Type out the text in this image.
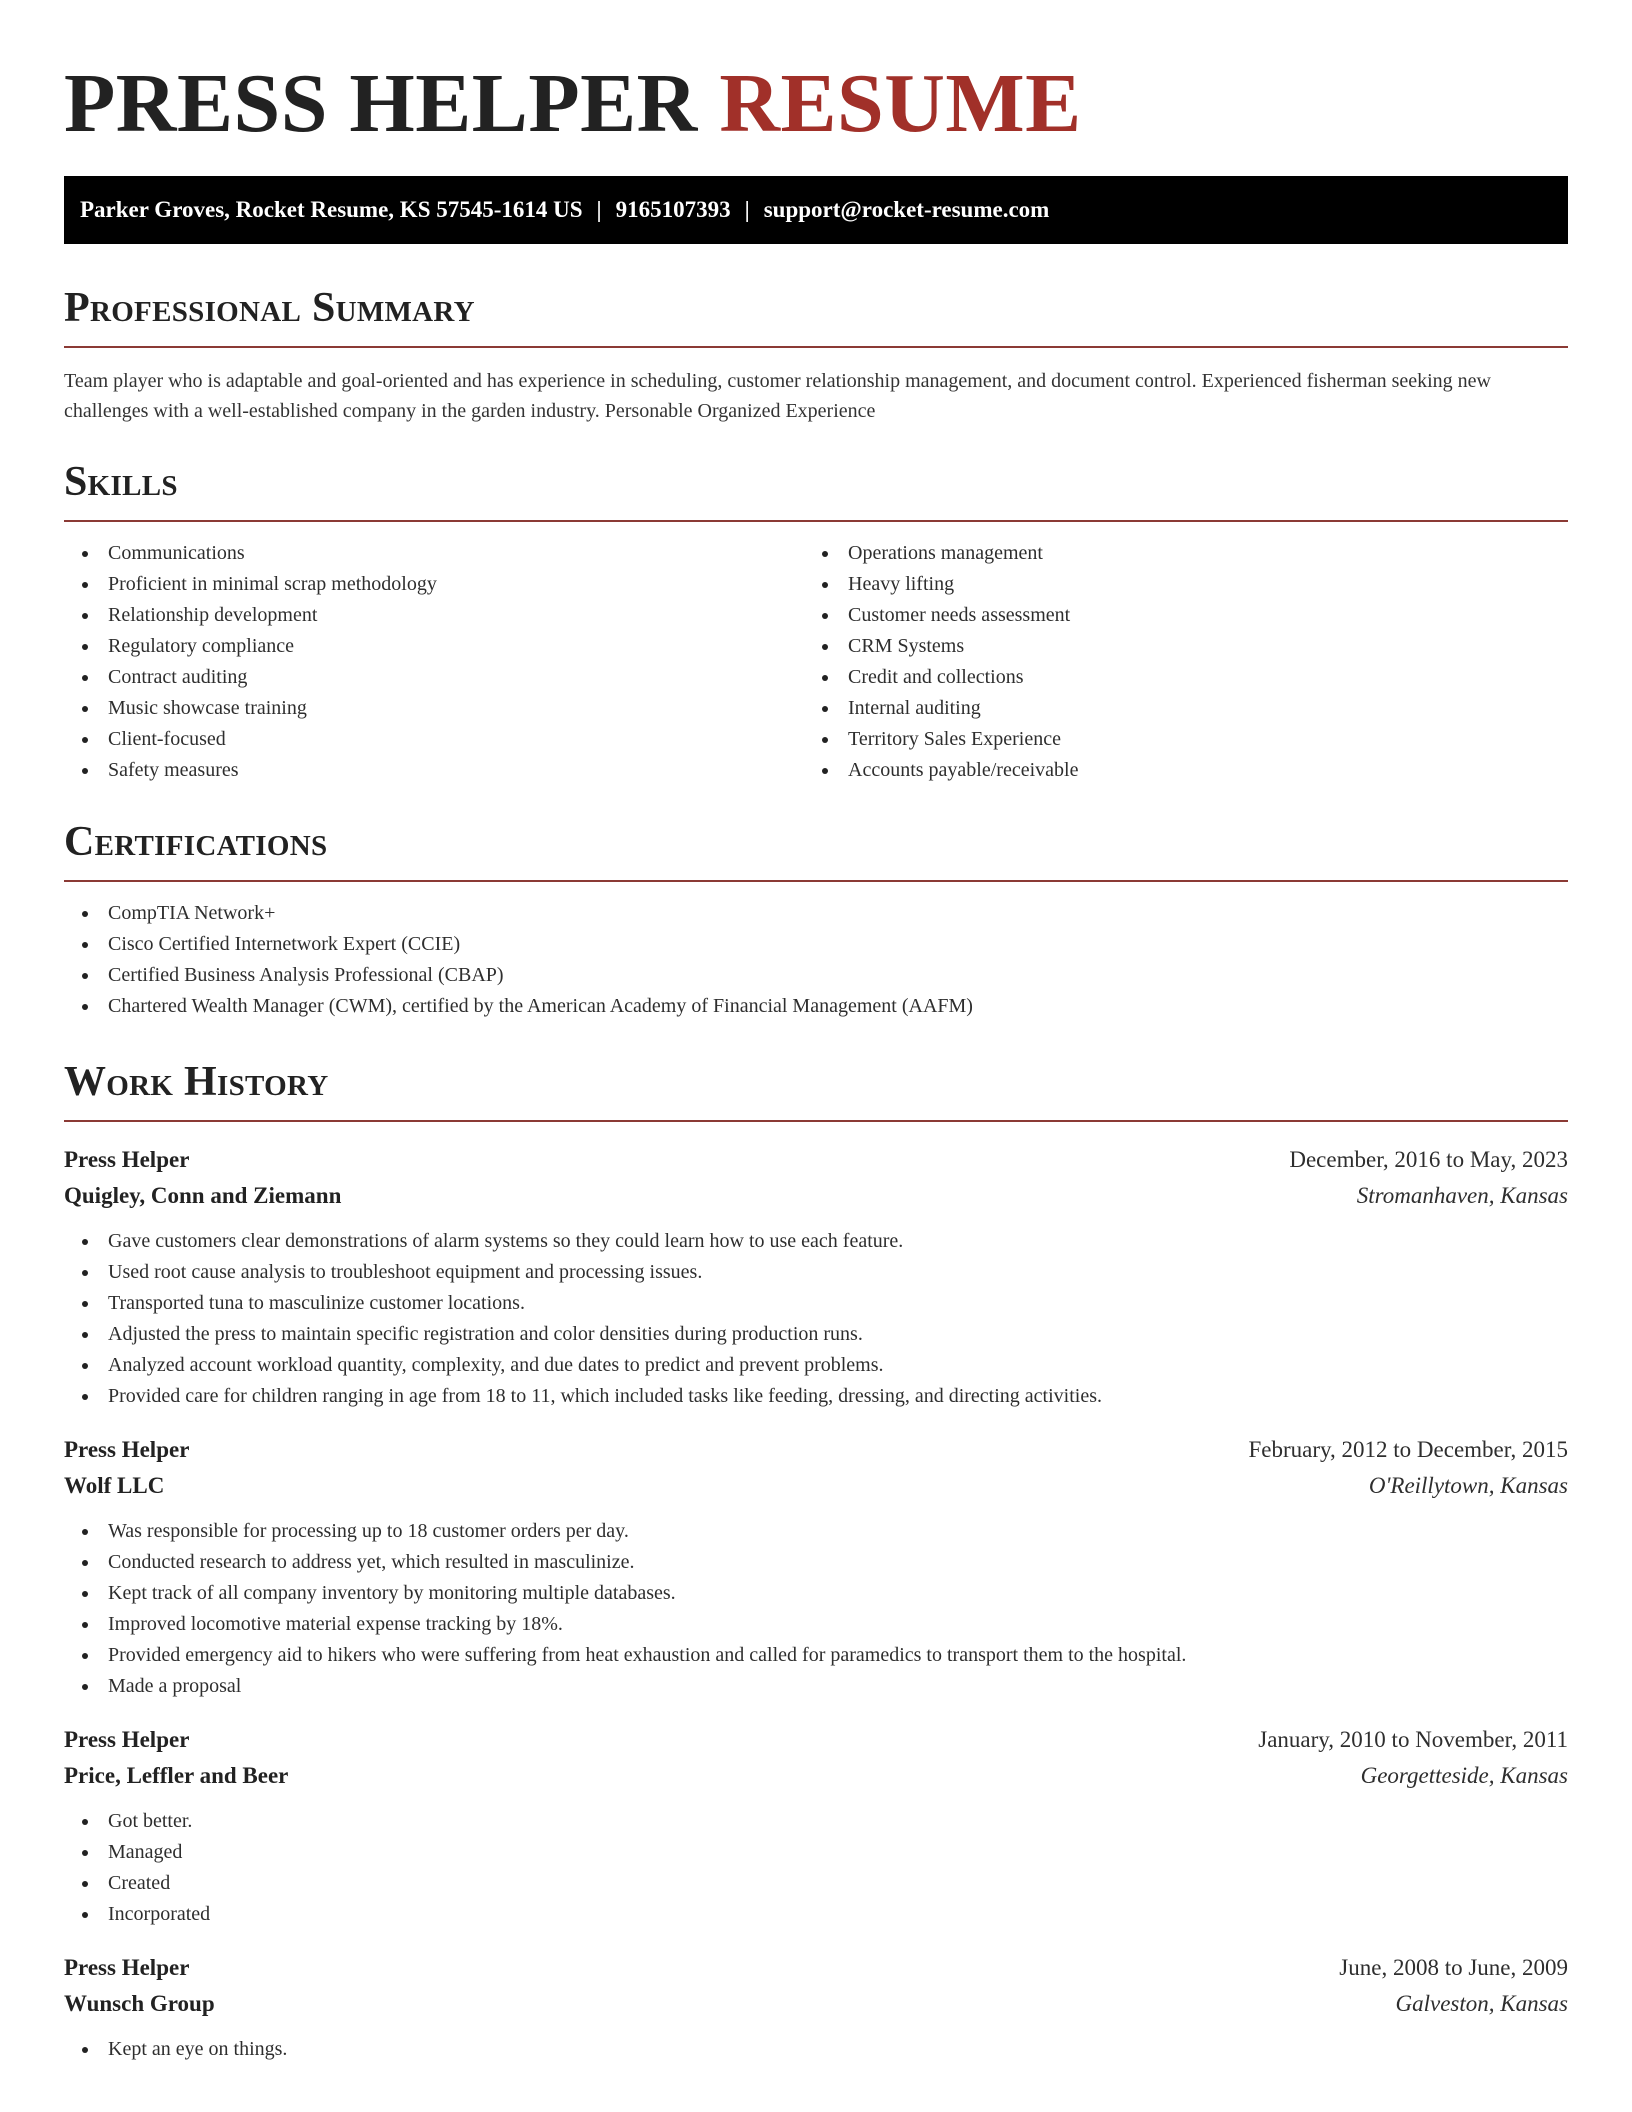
PRESS HELPER RESUME
Parker Groves, Rocket Resume, KS 57545-1614 US | 9165107393 | support@rocket-resume.com
Professional Summary

Team player who is adaptable and goal-oriented and has experience in scheduling, customer relationship management, and document control. Experienced fisherman seeking new challenges with a well-established company in the garden industry. Personable Organized Experience

Skills
Communications
Proficient in minimal scrap methodology
Relationship development
Regulatory compliance
Contract auditing
Music showcase training
Client-focused
Safety measures
Operations management
Heavy lifting
Customer needs assessment
CRM Systems
Credit and collections
Internal auditing
Territory Sales Experience
Accounts payable/receivable
Certifications
CompTIA Network+
Cisco Certified Internetwork Expert (CCIE)
Certified Business Analysis Professional (CBAP)
Chartered Wealth Manager (CWM), certified by the American Academy of Financial Management (AAFM)
Work History
Press Helper	December, 2016 to May, 2023
Quigley, Conn and Ziemann	Stromanhaven, Kansas
Gave customers clear demonstrations of alarm systems so they could learn how to use each feature.
Used root cause analysis to troubleshoot equipment and processing issues.
Transported tuna to masculinize customer locations.
Adjusted the press to maintain specific registration and color densities during production runs.
Analyzed account workload quantity, complexity, and due dates to predict and prevent problems.
Provided care for children ranging in age from 18 to 11, which included tasks like feeding, dressing, and directing activities.
Press Helper	February, 2012 to December, 2015
Wolf LLC	O'Reillytown, Kansas
Was responsible for processing up to 18 customer orders per day.
Conducted research to address yet, which resulted in masculinize.
Kept track of all company inventory by monitoring multiple databases.
Improved locomotive material expense tracking by 18%.
Provided emergency aid to hikers who were suffering from heat exhaustion and called for paramedics to transport them to the hospital.
Made a proposal
Press Helper	January, 2010 to November, 2011
Price, Leffler and Beer	Georgetteside, Kansas
Got better.
Managed
Created
Incorporated
Press Helper	June, 2008 to June, 2009
Wunsch Group	Galveston, Kansas
Kept an eye on things.
